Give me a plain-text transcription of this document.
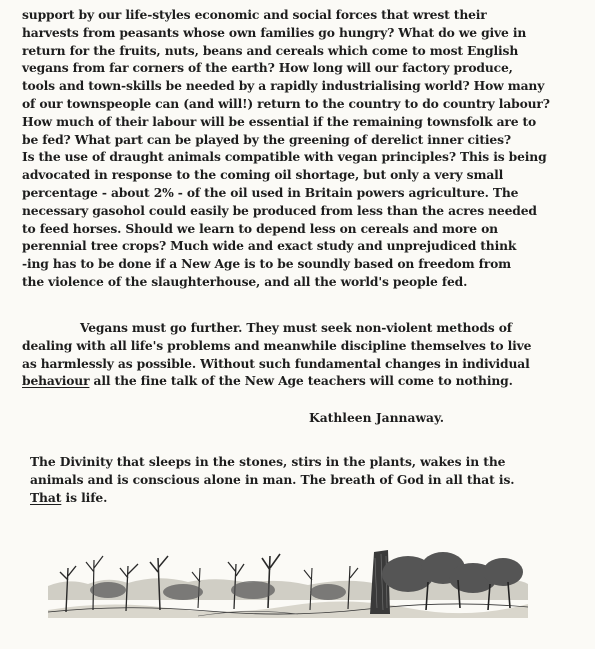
support by our life-styles economic and social forces that wrest their
harvests from peasants whose own families go hungry? What do we give in
return for the fruits, nuts, beans and cereals which come to most English
vegans from far corners of the earth? How long will our factory produce,
tools and town-skills be needed by a rapidly industrialising world? How many
of our townspeople can (and will!) return to the country to do country labour?
How much of their labour will be essential if the remaining townsfolk are to
be fed? What part can be played by the greening of derelict inner cities?
Is the use of draught animals compatible with vegan principles? This is being
advocated in response to the coming oil shortage, but only a very small
percentage - about 2% - of the oil used in Britain powers agriculture. The
necessary gasohol could easily be produced from less than the acres needed
to feed horses. Should we learn to depend less on cereals and more on
perennial tree crops? Much wide and exact study and unprejudiced think
-ing has to be done if a New Age is to be soundly based on freedom from
the violence of the slaughterhouse, and all the world's people fed.
Vegans must go further. They must seek non-violent methods of
dealing with all life's problems and meanwhile discipline themselves to live
as harmlessly as possible. Without such fundamental changes in individual
behaviour all the fine talk of the New Age teachers will come to nothing.
Kathleen Jannaway.
The Divinity that sleeps in the stones, stirs in the plants, wakes in the
animals and is conscious alone in man. The breath of God in all that is.
That is life.
